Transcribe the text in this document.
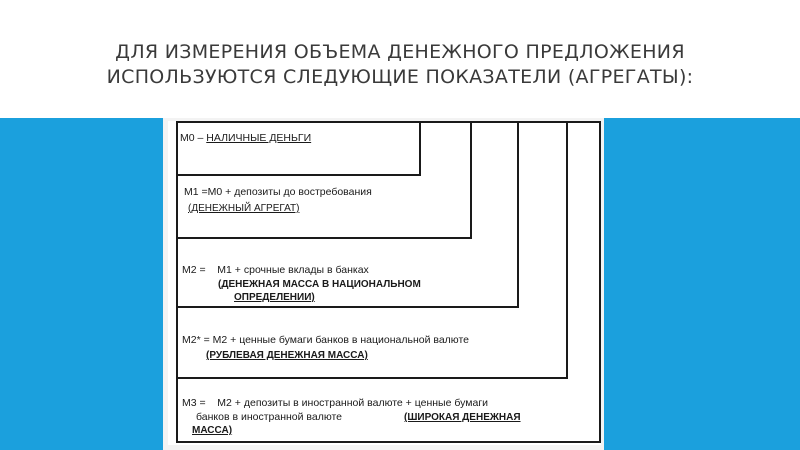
ДЛЯ ИЗМЕРЕНИЯ ОБЪЕМА ДЕНЕЖНОГО ПРЕДЛОЖЕНИЯ
ИСПОЛЬЗУЮТСЯ СЛЕДУЮЩИЕ ПОКАЗАТЕЛИ (АГРЕГАТЫ):
М0 – НАЛИЧНЫЕ ДЕНЬГИ
М1 =М0 + депозиты до востребования
(ДЕНЕЖНЫЙ АГРЕГАТ)
М2 =    М1 + срочные вклады в банках
(ДЕНЕЖНАЯ МАССА В НАЦИОНАЛЬНОМ
ОПРЕДЕЛЕНИИ)
М2* = М2 + ценные бумаги банков в национальной валюте
(РУБЛЕВАЯ ДЕНЕЖНАЯ МАССА)
М3 =    М2 + депозиты в иностранной валюте + ценные бумаги
банков в иностранной валюте	(ШИРОКАЯ ДЕНЕЖНАЯ
МАССА)
